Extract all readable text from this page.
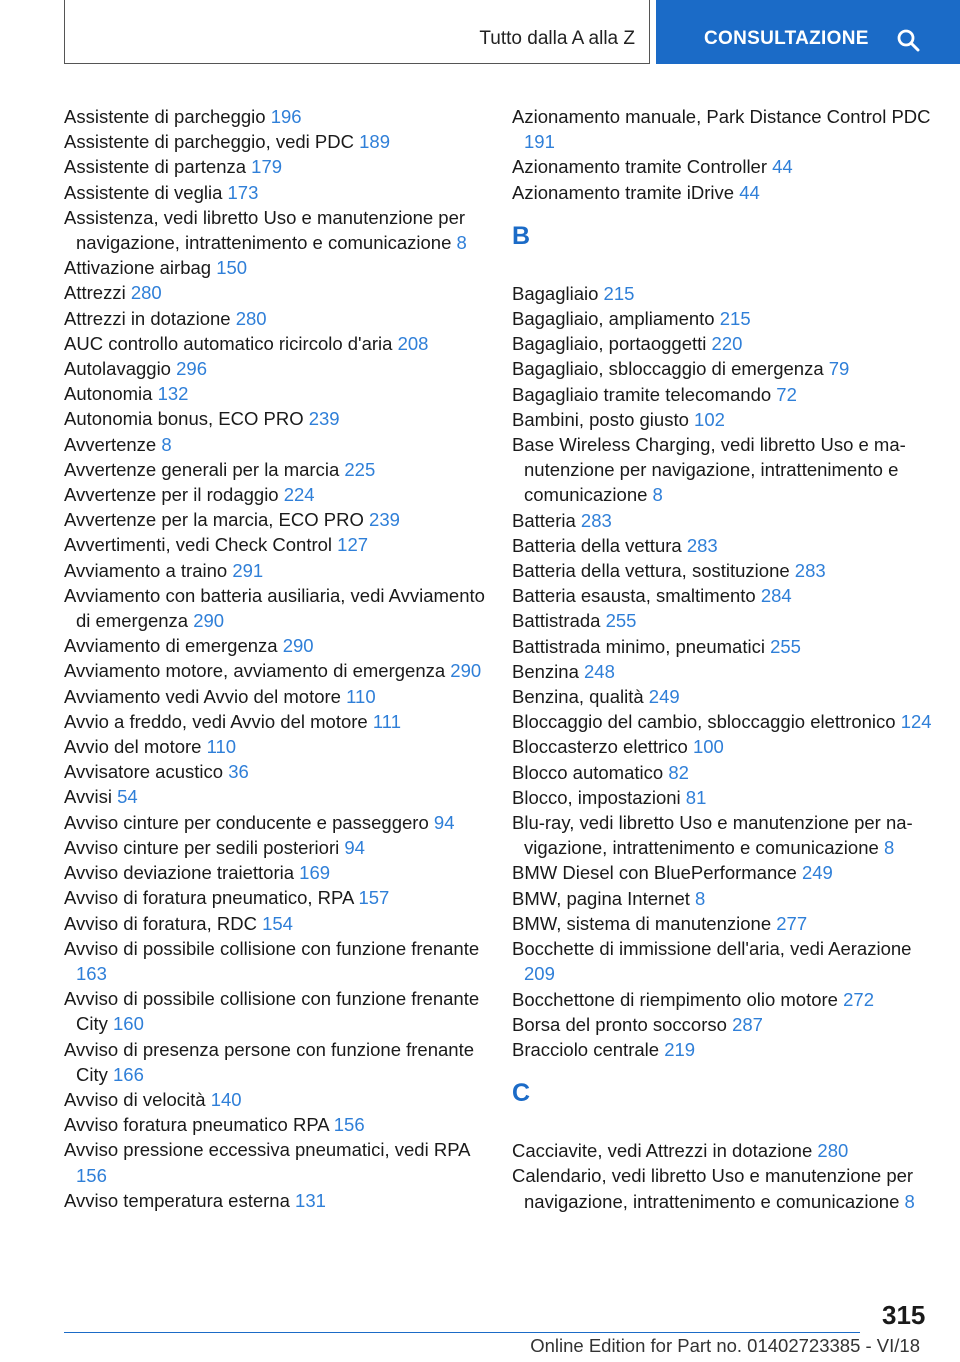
Tutto dalla A alla Z	CONSULTAZIONE
Assistente di parcheggio 196
Assistente di parcheggio, vedi PDC 189
Assistente di partenza 179
Assistente di veglia 173
Assistenza, vedi libretto Uso e manutenzione per navigazione, intrattenimento e comunicazione 8
Attivazione airbag 150
Attrezzi 280
Attrezzi in dotazione 280
AUC controllo automatico ricircolo d'aria 208
Autolavaggio 296
Autonomia 132
Autonomia bonus, ECO PRO 239
Avvertenze 8
Avvertenze generali per la marcia 225
Avvertenze per il rodaggio 224
Avvertenze per la marcia, ECO PRO 239
Avvertimenti, vedi Check Control 127
Avviamento a traino 291
Avviamento con batteria ausiliaria, vedi Avviamento di emergenza 290
Avviamento di emergenza 290
Avviamento motore, avviamento di emergenza 290
Avviamento vedi Avvio del motore 110
Avvio a freddo, vedi Avvio del motore 111
Avvio del motore 110
Avvisatore acustico 36
Avvisi 54
Avviso cinture per conducente e passeggero 94
Avviso cinture per sedili posteriori 94
Avviso deviazione traiettoria 169
Avviso di foratura pneumatico, RPA 157
Avviso di foratura, RDC 154
Avviso di possibile collisione con funzione frenante 163
Avviso di possibile collisione con funzione frenante City 160
Avviso di presenza persone con funzione frenante City 166
Avviso di velocità 140
Avviso foratura pneumatico RPA 156
Avviso pressione eccessiva pneumatici, vedi RPA 156
Avviso temperatura esterna 131
Azionamento manuale, Park Distance Control PDC 191
Azionamento tramite Controller 44
Azionamento tramite iDrive 44
B
Bagagliaio 215
Bagagliaio, ampliamento 215
Bagagliaio, portaoggetti 220
Bagagliaio, sbloccaggio di emergenza 79
Bagagliaio tramite telecomando 72
Bambini, posto giusto 102
Base Wireless Charging, vedi libretto Uso e manutenzione per navigazione, intrattenimento e comunicazione 8
Batteria 283
Batteria della vettura 283
Batteria della vettura, sostituzione 283
Batteria esausta, smaltimento 284
Battistrada 255
Battistrada minimo, pneumatici 255
Benzina 248
Benzina, qualità 249
Bloccaggio del cambio, sbloccaggio elettronico 124
Bloccasterzo elettrico 100
Blocco automatico 82
Blocco, impostazioni 81
Blu-ray, vedi libretto Uso e manutenzione per navigazione, intrattenimento e comunicazione 8
BMW Diesel con BluePerformance 249
BMW, pagina Internet 8
BMW, sistema di manutenzione 277
Bocchette di immissione dell'aria, vedi Aerazione 209
Bocchettone di riempimento olio motore 272
Borsa del pronto soccorso 287
Bracciolo centrale 219
C
Cacciavite, vedi Attrezzi in dotazione 280
Calendario, vedi libretto Uso e manutenzione per navigazione, intrattenimento e comunicazione 8
315
Online Edition for Part no. 01402723385 - VI/18
